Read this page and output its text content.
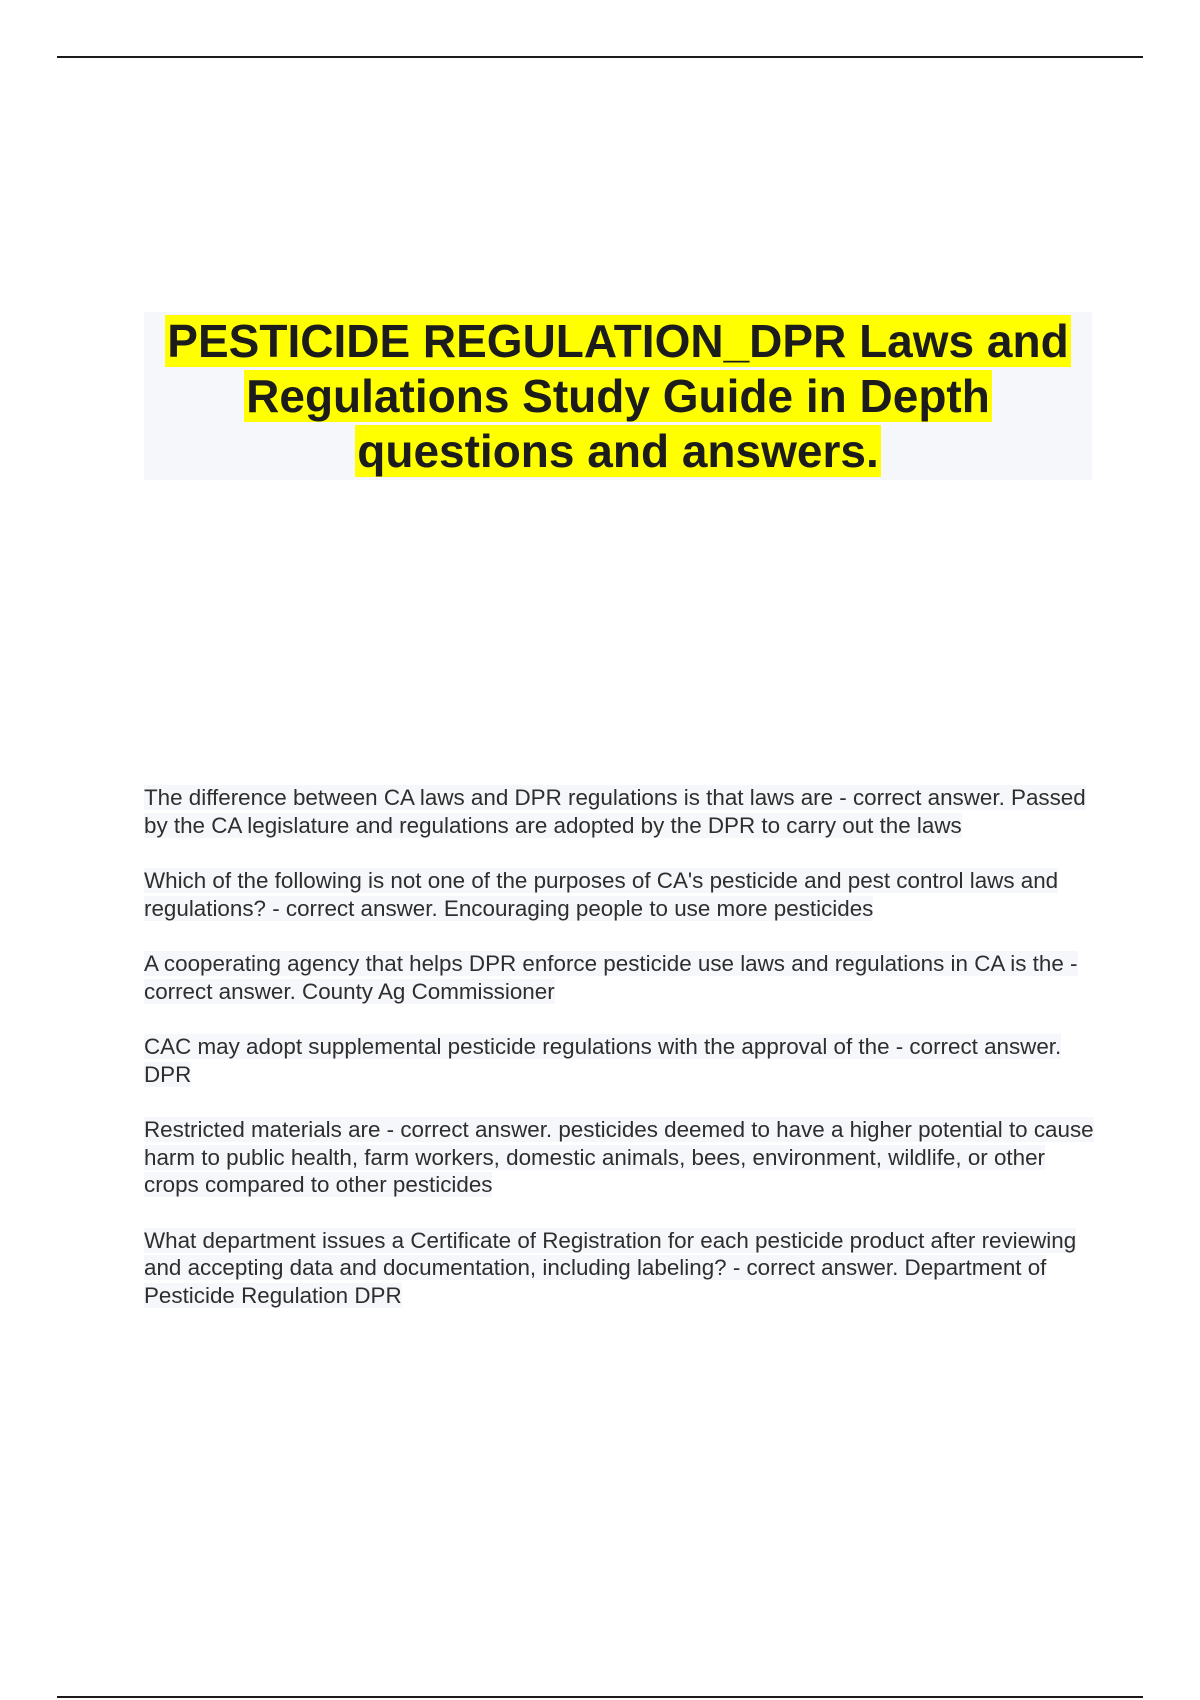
PESTICIDE REGULATION_DPR Laws and
Regulations Study Guide in Depth
questions and answers.

The difference between CA laws and DPR regulations is that laws are - correct answer. Passed by the CA legislature and regulations are adopted by the DPR to carry out the laws

Which of the following is not one of the purposes of CA's pesticide and pest control laws and regulations? - correct answer. Encouraging people to use more pesticides

A cooperating agency that helps DPR enforce pesticide use laws and regulations in CA is the - correct answer. County Ag Commissioner

CAC may adopt supplemental pesticide regulations with the approval of the - correct answer. DPR

Restricted materials are - correct answer. pesticides deemed to have a higher potential to cause harm to public health, farm workers, domestic animals, bees, environment, wildlife, or other crops compared to other pesticides

What department issues a Certificate of Registration for each pesticide product after reviewing and accepting data and documentation, including labeling? - correct answer. Department of Pesticide Regulation DPR
